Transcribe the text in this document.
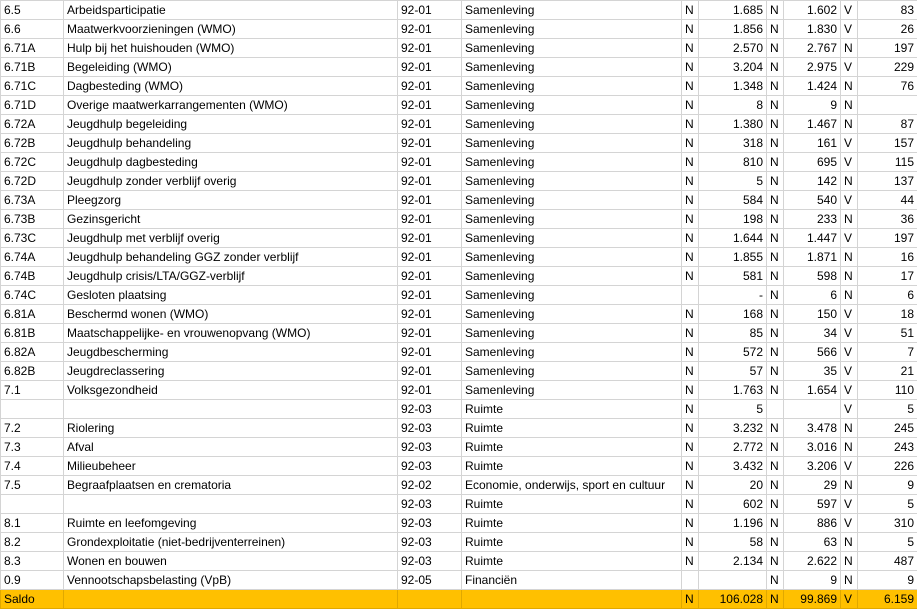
6.5	Arbeidsparticipatie	92-01	Samenleving	N	1.685	N	1.602	V	83
6.6	Maatwerkvoorzieningen (WMO)	92-01	Samenleving	N	1.856	N	1.830	V	26
6.71A	Hulp bij het huishouden (WMO)	92-01	Samenleving	N	2.570	N	2.767	N	197
6.71B	Begeleiding (WMO)	92-01	Samenleving	N	3.204	N	2.975	V	229
6.71C	Dagbesteding (WMO)	92-01	Samenleving	N	1.348	N	1.424	N	76
6.71D	Overige maatwerkarrangementen (WMO)	92-01	Samenleving	N	8	N	9	N	
6.72A	Jeugdhulp begeleiding	92-01	Samenleving	N	1.380	N	1.467	N	87
6.72B	Jeugdhulp behandeling	92-01	Samenleving	N	318	N	161	V	157
6.72C	Jeugdhulp dagbesteding	92-01	Samenleving	N	810	N	695	V	115
6.72D	Jeugdhulp zonder verblijf overig	92-01	Samenleving	N	5	N	142	N	137
6.73A	Pleegzorg	92-01	Samenleving	N	584	N	540	V	44
6.73B	Gezinsgericht	92-01	Samenleving	N	198	N	233	N	36
6.73C	Jeugdhulp met verblijf overig	92-01	Samenleving	N	1.644	N	1.447	V	197
6.74A	Jeugdhulp behandeling GGZ zonder verblijf	92-01	Samenleving	N	1.855	N	1.871	N	16
6.74B	Jeugdhulp crisis/LTA/GGZ-verblijf	92-01	Samenleving	N	581	N	598	N	17
6.74C	Gesloten plaatsing	92-01	Samenleving		-	N	6	N	6
6.81A	Beschermd wonen (WMO)	92-01	Samenleving	N	168	N	150	V	18
6.81B	Maatschappelijke- en vrouwenopvang (WMO)	92-01	Samenleving	N	85	N	34	V	51
6.82A	Jeugdbescherming	92-01	Samenleving	N	572	N	566	V	7
6.82B	Jeugdreclassering	92-01	Samenleving	N	57	N	35	V	21
7.1	Volksgezondheid	92-01	Samenleving	N	1.763	N	1.654	V	110
		92-03	Ruimte	N	5			V	5
7.2	Riolering	92-03	Ruimte	N	3.232	N	3.478	N	245
7.3	Afval	92-03	Ruimte	N	2.772	N	3.016	N	243
7.4	Milieubeheer	92-03	Ruimte	N	3.432	N	3.206	V	226
7.5	Begraafplaatsen en crematoria	92-02	Economie, onderwijs, sport en cultuur	N	20	N	29	N	9
		92-03	Ruimte	N	602	N	597	V	5
8.1	Ruimte en leefomgeving	92-03	Ruimte	N	1.196	N	886	V	310
8.2	Grondexploitatie (niet-bedrijventerreinen)	92-03	Ruimte	N	58	N	63	N	5
8.3	Wonen en bouwen	92-03	Ruimte	N	2.134	N	2.622	N	487
0.9	Vennootschapsbelasting (VpB)	92-05	Financiën			N	9	N	9
Saldo				N	106.028	N	99.869	V	6.159
